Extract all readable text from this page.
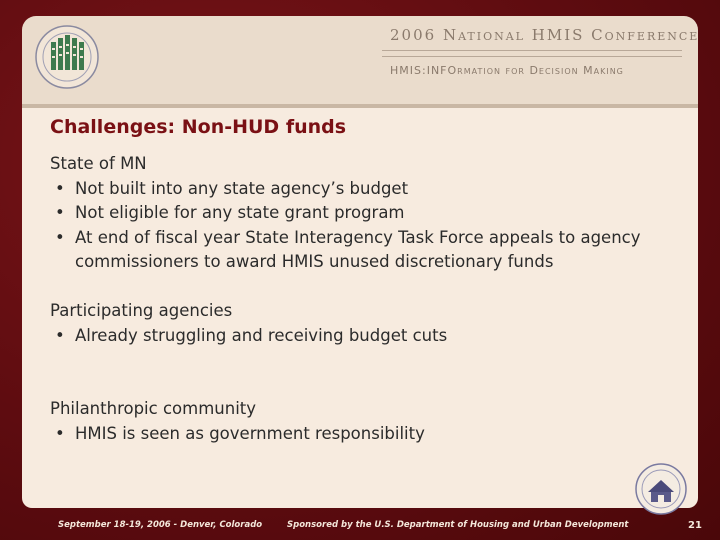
2006 National HMIS Conference
HMIS:INFOrmation for Decision Making
Challenges: Non-HUD funds
State of MN
• Not built into any state agency’s budget
• Not eligible for any state grant program
• At end of fiscal year State Interagency Task Force appeals to agency commissioners to award HMIS unused discretionary funds
Participating agencies
• Already struggling and receiving budget cuts
Philanthropic community
• HMIS is seen as government responsibility
September 18-19, 2006 - Denver, Colorado	Sponsored by the U.S. Department of Housing and Urban Development	21
